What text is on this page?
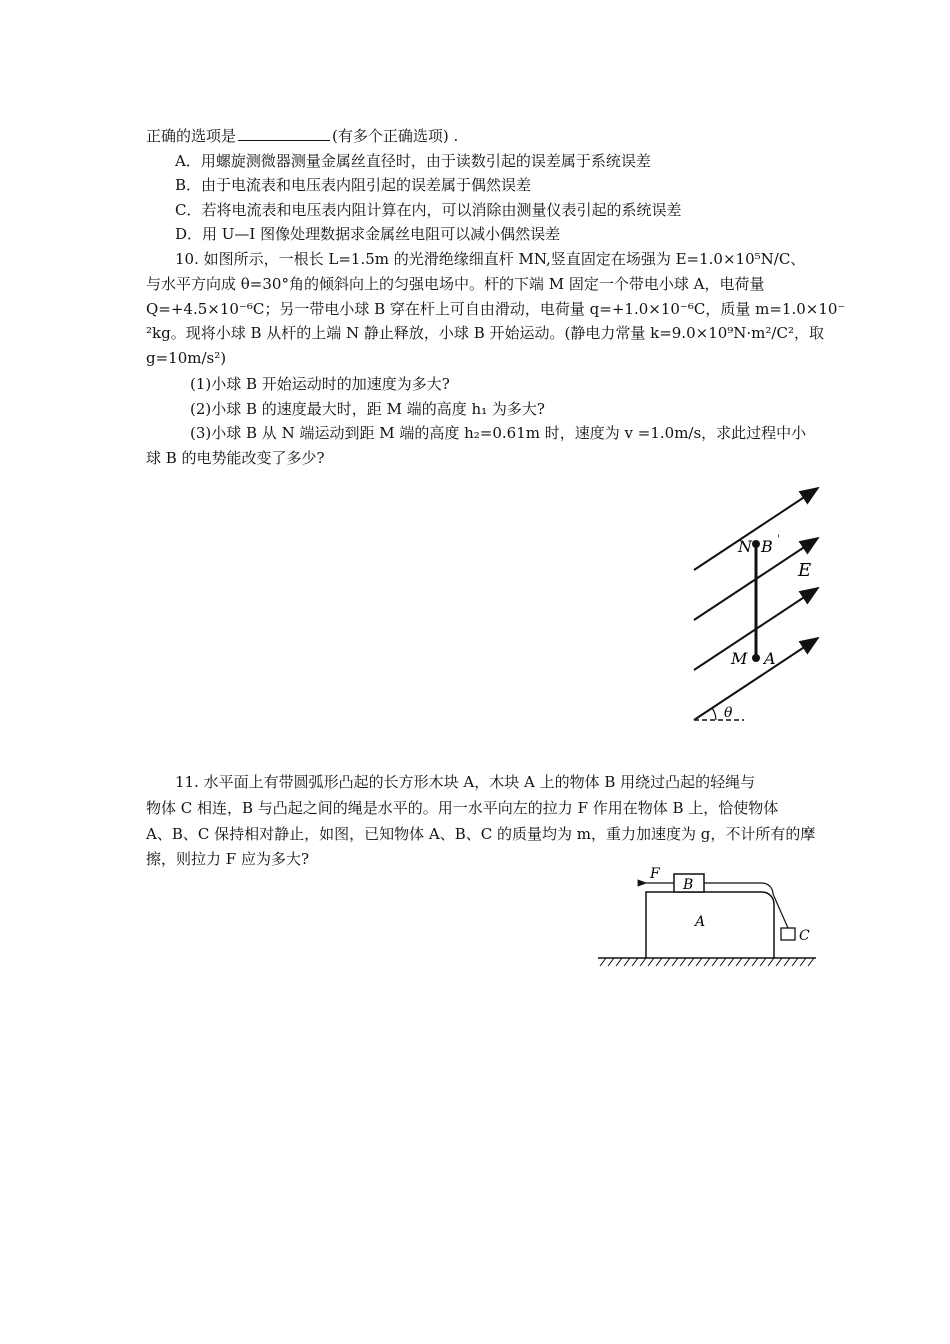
正确的选项是	(有多个正确选项) .
A．用螺旋测微器测量金属丝直径时，由于读数引起的误差属于系统误差
B．由于电流表和电压表内阻引起的误差属于偶然误差
C．若将电流表和电压表内阻计算在内，可以消除由测量仪表引起的系统误差
D．用 U—I 图像处理数据求金属丝电阻可以减小偶然误差
10. 如图所示，一根长 L=1.5m 的光滑绝缘细直杆 MN,竖直固定在场强为 E=1.0×10⁵N/C、
与水平方向成 θ=30°角的倾斜向上的匀强电场中。杆的下端 M 固定一个带电小球 A，电荷量
Q=+4.5×10⁻⁶C；另一带电小球 B 穿在杆上可自由滑动，电荷量 q=+1.0×10⁻⁶C，质量 m=1.0×10⁻
²kg。现将小球 B 从杆的上端 N 静止释放，小球 B 开始运动。(静电力常量 k=9.0×10⁹N·m²/C²，取
g=10m/s²)
(1)小球 B 开始运动时的加速度为多大?
(2)小球 B 的速度最大时，距 M 端的高度 h₁ 为多大?
(3)小球 B 从 N 端运动到距 M 端的高度 h₂=0.61m 时，速度为 v =1.0m/s，求此过程中小
球 B 的电势能改变了多少?
N B '
E
M A
θ
11. 水平面上有带圆弧形凸起的长方形木块 A，木块 A 上的物体 B 用绕过凸起的轻绳与
物体 C 相连，B 与凸起之间的绳是水平的。用一水平向左的拉力 F 作用在物体 B 上，恰使物体
A、B、C 保持相对静止，如图，已知物体 A、B、C 的质量均为 m，重力加速度为 g，不计所有的摩
擦，则拉力 F 应为多大?
F
B
A
C
